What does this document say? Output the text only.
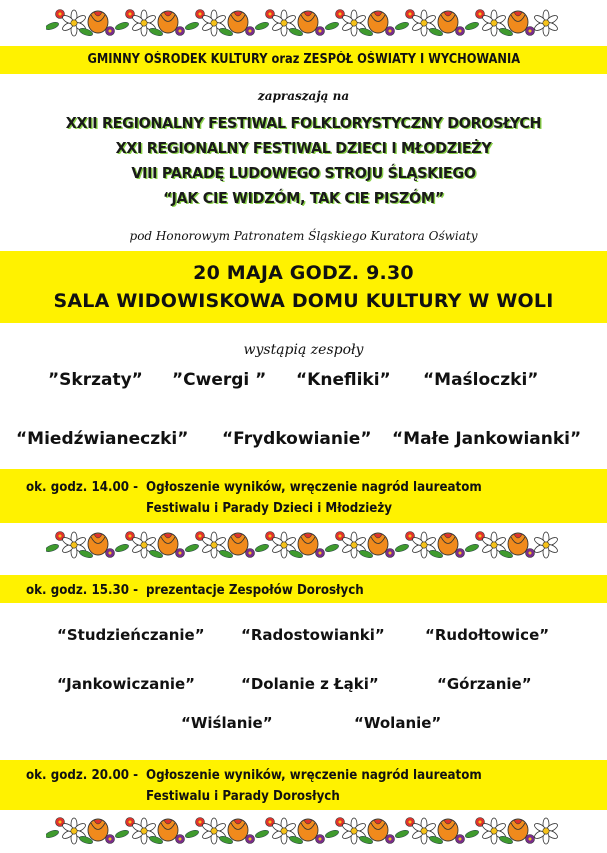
GMINNY OŚRODEK KULTURY oraz ZESPÓŁ OŚWIATY I WYCHOWANIA
zapraszają na
XXII REGIONALNY FESTIWAL FOLKLORYSTYCZNY DOROSŁYCH
XXI REGIONALNY FESTIWAL DZIECI I MŁODZIEŻY
VIII PARADĘ LUDOWEGO STROJU ŚLĄSKIEGO
“JAK CIE WIDZÓM, TAK CIE PISZÓM”
pod Honorowym Patronatem Śląskiego Kuratora Oświaty
20 MAJA GODZ. 9.30
SALA WIDOWISKOWA DOMU KULTURY W WOLI
wystąpią zespoły
”Skrzaty” ”Cwergi ” “Knefliki” “Maśloczki”
“Miedźwianeczki” “Frydkowianie” “Małe Jankowianki”
ok. godz. 14.00 - Ogłoszenie wyników, wręczenie nagród laureatom
Festiwalu i Parady Dzieci i Młodzieży
ok. godz. 15.30 - prezentacje Zespołów Dorosłych
“Studzieńczanie” “Radostowianki”	“Rudołtowice”
“Jankowiczanie”	“Dolanie z Łąki”	“Górzanie”
“Wiślanie”	“Wolanie”
ok. godz. 20.00 - Ogłoszenie wyników, wręczenie nagród laureatom
Festiwalu i Parady Dorosłych
